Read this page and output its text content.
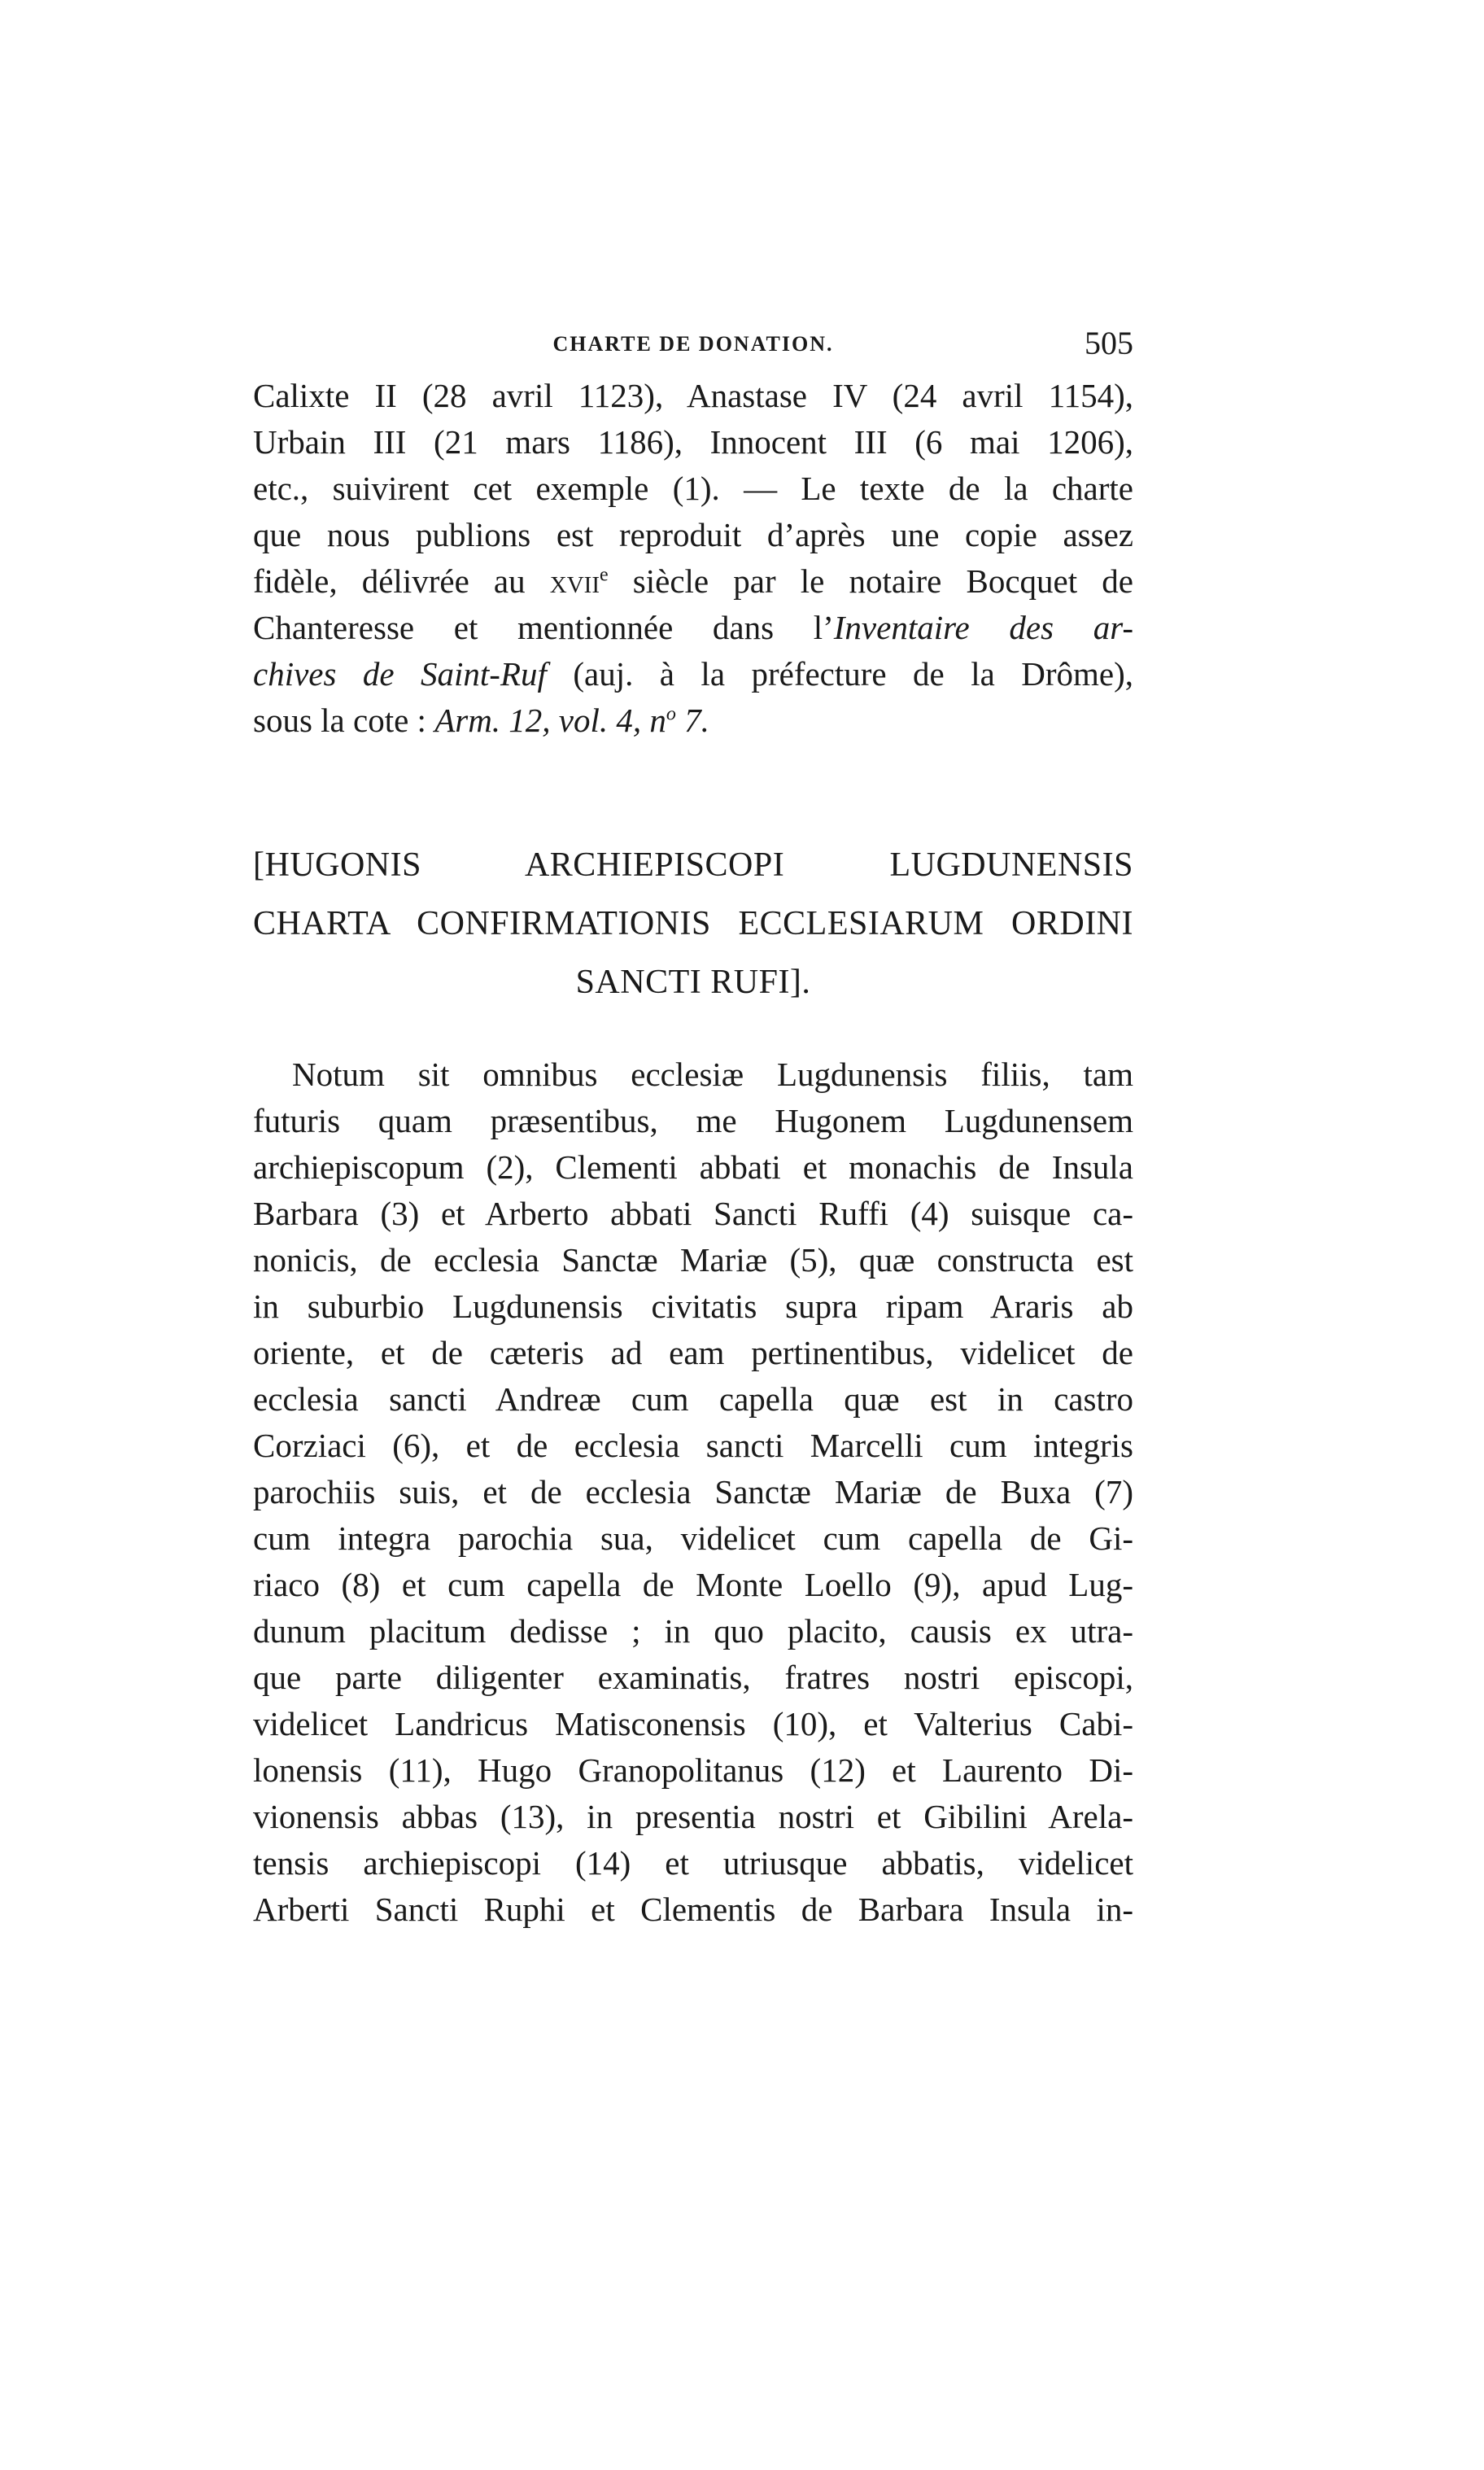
CHARTE DE DONATION.	505
Calixte II (28 avril 1123), Anastase IV (24 avril 1154),
Urbain III (21 mars 1186), Innocent III (6 mai 1206),
etc., suivirent cet exemple (1). — Le texte de la charte
que nous publions est reproduit d’après une copie assez
fidèle, délivrée au xvii$^e$ siècle par le notaire Bocquet de
Chanteresse et mentionnée dans l’Inventaire des ar-
chives de Saint-Ruf (auj. à la préfecture de la Drôme),
sous la cote : Arm. 12, vol. 4, $n^o$ 7.
[HUGONIS ARCHIEPISCOPI LUGDUNENSIS
CHARTA CONFIRMATIONIS ECCLESIARUM ORDINI
SANCTI RUFI].
Notum sit omnibus ecclesiæ Lugdunensis filiis, tam
futuris quam præsentibus, me Hugonem Lugdunensem
archiepiscopum (2), Clementi abbati et monachis de Insula
Barbara (3) et Arberto abbati Sancti Ruffi (4) suisque ca-
nonicis, de ecclesia Sanctæ Mariæ (5), quæ constructa est
in suburbio Lugdunensis civitatis supra ripam Araris ab
oriente, et de cæteris ad eam pertinentibus, videlicet de
ecclesia sancti Andreæ cum capella quæ est in castro
Corziaci (6), et de ecclesia sancti Marcelli cum integris
parochiis suis, et de ecclesia Sanctæ Mariæ de Buxa (7)
cum integra parochia sua, videlicet cum capella de Gi-
riaco (8) et cum capella de Monte Loello (9), apud Lug-
dunum placitum dedisse ; in quo placito, causis ex utra-
que parte diligenter examinatis, fratres nostri episcopi,
videlicet Landricus Matisconensis (10), et Valterius Cabi-
lonensis (11), Hugo Granopolitanus (12) et Laurento Di-
vionensis abbas (13), in presentia nostri et Gibilini Arela-
tensis archiepiscopi (14) et utriusque abbatis, videlicet
Arberti Sancti Ruphi et Clementis de Barbara Insula in-
